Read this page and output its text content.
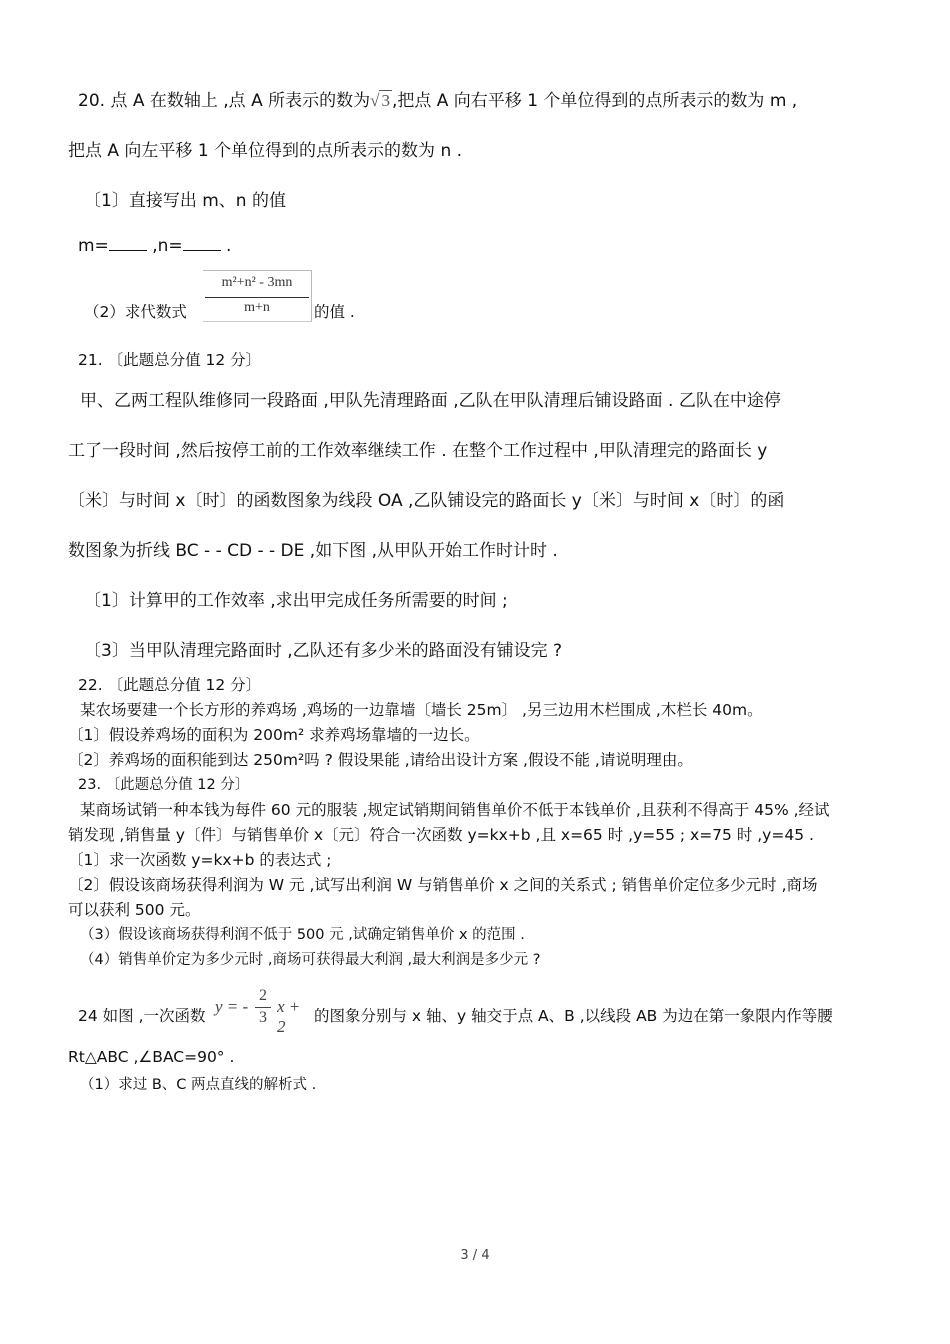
20. 点 A 在数轴上 ,点 A 所表示的数为√ 3 ,把点 A 向右平移 1 个单位得到的点所表示的数为 m ,
把点 A 向左平移 1 个单位得到的点所表示的数为 n .
〔1〕直接写出 m、n 的值
m= ,n= .
（2）求代数式
m²+n² - 3mn
m+n	的值 .
21. 〔此题总分值 12 分〕
甲、乙两工程队维修同一段路面 ,甲队先清理路面 ,乙队在甲队清理后铺设路面 . 乙队在中途停
工了一段时间 ,然后按停工前的工作效率继续工作 . 在整个工作过程中 ,甲队清理完的路面长 y
〔米〕与时间 x〔时〕的函数图象为线段 OA ,乙队铺设完的路面长 y〔米〕与时间 x〔时〕的函
数图象为折线 BC - - CD - - DE ,如下图 ,从甲队开始工作时计时 .
〔1〕计算甲的工作效率 ,求出甲完成任务所需要的时间 ;
〔3〕当甲队清理完路面时 ,乙队还有多少米的路面没有铺设完 ?
22. 〔此题总分值 12 分〕
某农场要建一个长方形的养鸡场 ,鸡场的一边靠墙〔墙长 25m〕 ,另三边用木栏围成 ,木栏长 40m。
〔1〕假设养鸡场的面积为 200m² 求养鸡场靠墙的一边长。
〔2〕养鸡场的面积能到达 250m²吗 ? 假设果能 ,请给出设计方案 ,假设不能 ,请说明理由。
23. 〔此题总分值 12 分〕
某商场试销一种本钱为每件 60 元的服装 ,规定试销期间销售单价不低于本钱单价 ,且获利不得高于 45% ,经试
销发现 ,销售量 y〔件〕与销售单价 x〔元〕符合一次函数 y=kx+b ,且 x=65 时 ,y=55 ; x=75 时 ,y=45 .
〔1〕求一次函数 y=kx+b 的表达式 ;
〔2〕假设该商场获得利润为 W 元 ,试写出利润 W 与销售单价 x 之间的关系式 ; 销售单价定位多少元时 ,商场
可以获利 500 元。
（3）假设该商场获得利润不低于 500 元 ,试确定销售单价 x 的范围 .
（4）销售单价定为多少元时 ,商场可获得最大利润 ,最大利润是多少元 ?
24 如图 ,一次函数 y = -
2
3
x + 2
的图象分别与 x 轴、y 轴交于点 A、B ,以线段 AB 为边在第一象限内作等腰
Rt△ABC ,∠BAC=90° .
（1）求过 B、C 两点直线的解析式 .
3 / 4
